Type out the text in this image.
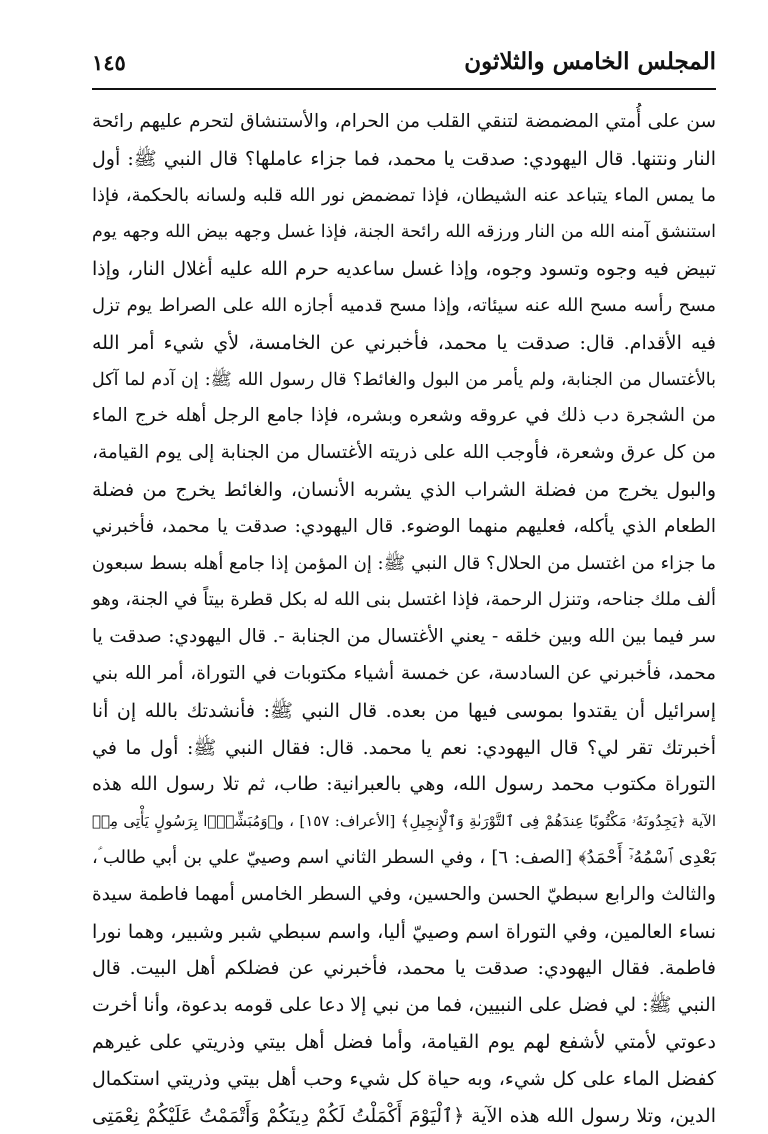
المجلس الخامس والثلاثون
١٤٥
سن على أُمتي المضمضة لتنقي القلب من الحرام، والأستنشاق لتحرم عليهم رائحة
النار ونتنها. قال اليهودي: صدقت يا محمد، فما جزاء عاملها؟ قال النبي ﷺ: أول
ما يمس الماء يتباعد عنه الشيطان، فإذا تمضمض نور الله قلبه ولسانه بالحكمة، فإذا
استنشق آمنه الله من النار ورزقه الله رائحة الجنة، فإذا غسل وجهه بيض الله وجهه يوم
تبيض فيه وجوه وتسود وجوه، وإذا غسل ساعديه حرم الله عليه أغلال النار، وإذا
مسح رأسه مسح الله عنه سيئاته، وإذا مسح قدميه أجازه الله على الصراط يوم تزل
فيه الأقدام. قال: صدقت يا محمد، فأخبرني عن الخامسة، لأي شيء أمر الله
بالأغتسال من الجنابة، ولم يأمر من البول والغائط؟ قال رسول الله ﷺ: إن آدم لما آكل
من الشجرة دب ذلك في عروقه وشعره وبشره، فإذا جامع الرجل أهله خرج الماء
من كل عرق وشعرة، فأوجب الله على ذريته الأغتسال من الجنابة إلى يوم القيامة،
والبول يخرج من فضلة الشراب الذي يشربه الأنسان، والغائط يخرج من فضلة
الطعام الذي يأكله، فعليهم منهما الوضوء. قال اليهودي: صدقت يا محمد، فأخبرني
ما جزاء من اغتسل من الحلال؟ قال النبي ﷺ: إن المؤمن إذا جامع أهله بسط سبعون
ألف ملك جناحه، وتنزل الرحمة، فإذا اغتسل بنى الله له بكل قطرة بيتاً في الجنة، وهو
سر فيما بين الله وبين خلقه - يعني الأغتسال من الجنابة -. قال اليهودي: صدقت يا
محمد، فأخبرني عن السادسة، عن خمسة أشياء مكتوبات في التوراة، أمر الله بني
إسرائيل أن يقتدوا بموسى فيها من بعده. قال النبي ﷺ: فأنشدتك بالله إن أنا
أخبرتك تقر لي؟ قال اليهودي: نعم يا محمد. قال: فقال النبي ﷺ: أول ما في
التوراة مكتوب محمد رسول الله، وهي بالعبرانية: طاب، ثم تلا رسول الله هذه
الآية ﴿يَجِدُونَهُۥ مَكْتُوبًا عِندَهُمْ فِى ٱلتَّوْرَىٰةِ وَٱلْإِنجِيلِ﴾ [الأعراف: ١٥٧] ، و﴿وَمُبَشِّرًۢا بِرَسُولٍ يَأْتِى مِنۢ
بَعْدِى ٱسْمُهُۥٓ أَحْمَدُ﴾ [الصف: ٦] ، وفي السطر الثاني اسم وصييّ علي بن أبي طالب ؑ،
والثالث والرابع سبطيّ الحسن والحسين، وفي السطر الخامس أمهما فاطمة سيدة
نساء العالمين، وفي التوراة اسم وصييّ أليا، واسم سبطي شبر وشبير، وهما نورا
فاطمة. فقال اليهودي: صدقت يا محمد، فأخبرني عن فضلكم أهل البيت. قال
النبي ﷺ: لي فضل على النبيين، فما من نبي إلا دعا على قومه بدعوة، وأنا أخرت
دعوتي لأمتي لأشفع لهم يوم القيامة، وأما فضل أهل بيتي وذريتي على غيرهم
كفضل الماء على كل شيء، وبه حياة كل شيء وحب أهل بيتي وذريتي استكمال
الدين، وتلا رسول الله هذه الآية ﴿ٱلْيَوْمَ أَكْمَلْتُ لَكُمْ دِينَكُمْ وَأَتْمَمْتُ عَلَيْكُمْ نِعْمَتِى
